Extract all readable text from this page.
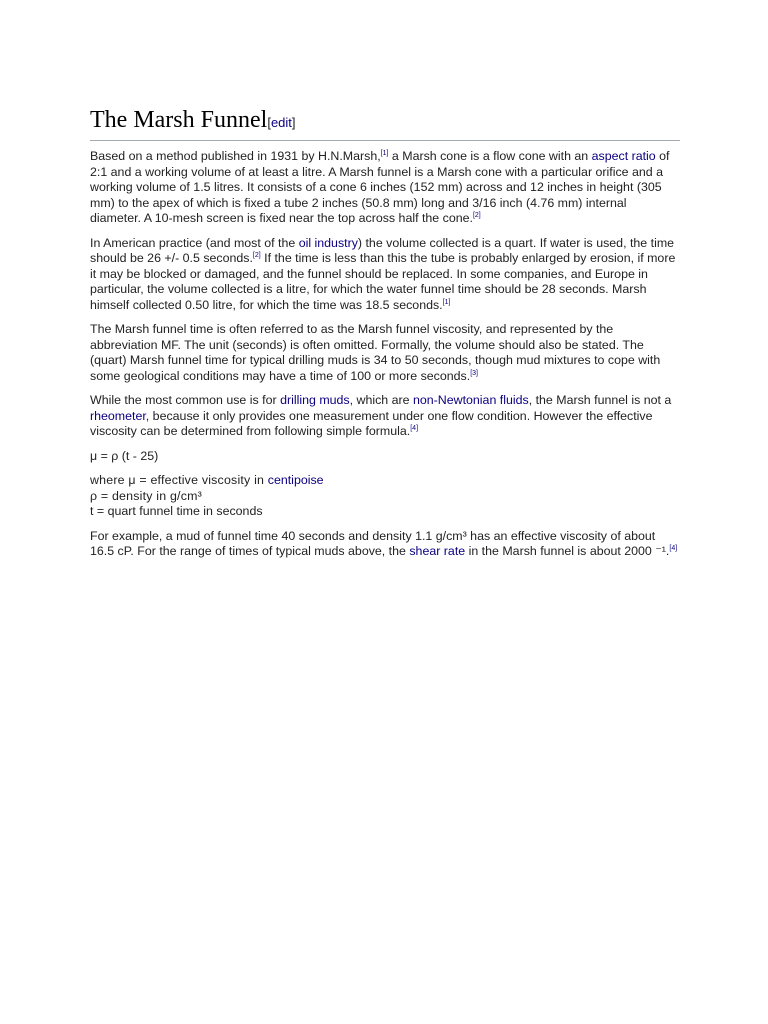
The Marsh Funnel[edit]

Based on a method published in 1931 by H.N.Marsh,[1] a Marsh cone is a flow cone with an aspect ratio of 2:1 and a working volume of at least a litre. A Marsh funnel is a Marsh cone with a particular orifice and a working volume of 1.5 litres. It consists of a cone 6 inches (152 mm) across and 12 inches in height (305 mm) to the apex of which is fixed a tube 2 inches (50.8 mm) long and 3/16 inch (4.76 mm) internal diameter. A 10-mesh screen is fixed near the top across half the cone.[2]

In American practice (and most of the oil industry) the volume collected is a quart. If water is used, the time should be 26 +/- 0.5 seconds.[2] If the time is less than this the tube is probably enlarged by erosion, if more it may be blocked or damaged, and the funnel should be replaced. In some companies, and Europe in particular, the volume collected is a litre, for which the water funnel time should be 28 seconds. Marsh himself collected 0.50 litre, for which the time was 18.5 seconds.[1]

The Marsh funnel time is often referred to as the Marsh funnel viscosity, and represented by the abbreviation MF. The unit (seconds) is often omitted. Formally, the volume should also be stated. The (quart) Marsh funnel time for typical drilling muds is 34 to 50 seconds, though mud mixtures to cope with some geological conditions may have a time of 100 or more seconds.[3]

While the most common use is for drilling muds, which are non-Newtonian fluids, the Marsh funnel is not a rheometer, because it only provides one measurement under one flow condition. However the effective viscosity can be determined from following simple formula.[4]

μ = ρ (t - 25)

where μ = effective viscosity in centipoise
ρ = density in g/cm³
t = quart funnel time in seconds

For example, a mud of funnel time 40 seconds and density 1.1 g/cm³ has an effective viscosity of about 16.5 cP. For the range of times of typical muds above, the shear rate in the Marsh funnel is about 2000 ⁻¹.[4]
